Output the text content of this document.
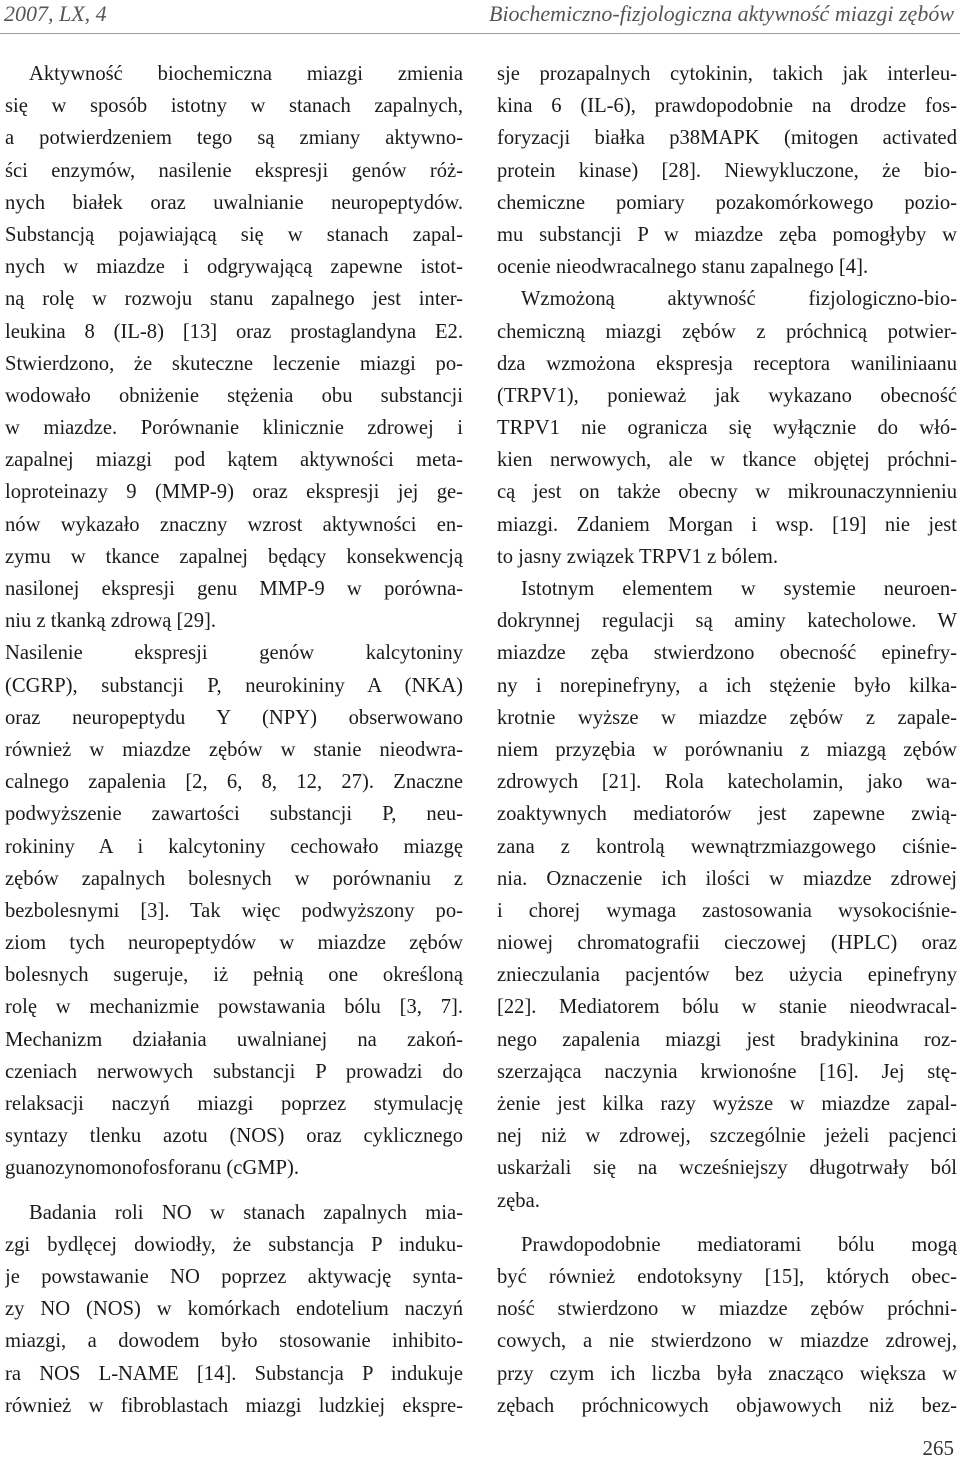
2007, LX, 4	Biochemiczno-fizjologiczna aktywność miazgi zębów
Aktywność biochemiczna miazgi zmienia
się w sposób istotny w stanach zapalnych,
a potwierdzeniem tego są zmiany aktywno-
ści enzymów, nasilenie ekspresji genów róż-
nych białek oraz uwalnianie neuropeptydów.
Substancją pojawiającą się w stanach zapal-
nych w miazdze i odgrywającą zapewne istot-
ną rolę w rozwoju stanu zapalnego jest inter-
leukina 8 (IL-8) [13] oraz prostaglandyna E2.
Stwierdzono, że skuteczne leczenie miazgi po-
wodowało obniżenie stężenia obu substancji
w miazdze. Porównanie klinicznie zdrowej i
zapalnej miazgi pod kątem aktywności meta-
loproteinazy 9 (MMP-9) oraz ekspresji jej ge-
nów wykazało znaczny wzrost aktywności en-
zymu w tkance zapalnej będący konsekwencją
nasilonej ekspresji genu MMP-9 w porówna-
niu z tkanką zdrową [29].
Nasilenie ekspresji genów kalcytoniny
(CGRP), substancji P, neurokininy A (NKA)
oraz neuropeptydu Y (NPY) obserwowano
również w miazdze zębów w stanie nieodwra-
calnego zapalenia [2, 6, 8, 12, 27). Znaczne
podwyższenie zawartości substancji P, neu-
rokininy A i kalcytoniny cechowało miazgę
zębów zapalnych bolesnych w porównaniu z
bezbolesnymi [3]. Tak więc podwyższony po-
ziom tych neuropeptydów w miazdze zębów
bolesnych sugeruje, iż pełnią one określoną
rolę w mechanizmie powstawania bólu [3, 7].
Mechanizm działania uwalnianej na zakoń-
czeniach nerwowych substancji P prowadzi do
relaksacji naczyń miazgi poprzez stymulację
syntazy tlenku azotu (NOS) oraz cyklicznego
guanozynomonofosforanu (cGMP).
Badania roli NO w stanach zapalnych mia-
zgi bydlęcej dowiodły, że substancja P induku-
je powstawanie NO poprzez aktywację synta-
zy NO (NOS) w komórkach endotelium naczyń
miazgi, a dowodem było stosowanie inhibito-
ra NOS L-NAME [14]. Substancja P indukuje
również w fibroblastach miazgi ludzkiej ekspre-
sje prozapalnych cytokinin, takich jak interleu-
kina 6 (IL-6), prawdopodobnie na drodze fos-
foryzacji białka p38MAPK (mitogen activated
protein kinase) [28]. Niewykluczone, że bio-
chemiczne pomiary pozakomórkowego pozio-
mu substancji P w miazdze zęba pomogłyby w
ocenie nieodwracalnego stanu zapalnego [4].
Wzmożoną aktywność fizjologiczno-bio-
chemiczną miazgi zębów z próchnicą potwier-
dza wzmożona ekspresja receptora waniliniaanu
(TRPV1), ponieważ jak wykazano obecność
TRPV1 nie ogranicza się wyłącznie do włó-
kien nerwowych, ale w tkance objętej próchni-
cą jest on także obecny w mikrounaczynnieniu
miazgi. Zdaniem Morgan i wsp. [19] nie jest
to jasny związek TRPV1 z bólem.
Istotnym elementem w systemie neuroen-
dokrynnej regulacji są aminy katecholowe. W
miazdze zęba stwierdzono obecność epinefry-
ny i norepinefryny, a ich stężenie było kilka-
krotnie wyższe w miazdze zębów z zapale-
niem przyzębia w porównaniu z miazgą zębów
zdrowych [21]. Rola katecholamin, jako wa-
zoaktywnych mediatorów jest zapewne zwią-
zana z kontrolą wewnątrzmiazgowego ciśnie-
nia. Oznaczenie ich ilości w miazdze zdrowej
i chorej wymaga zastosowania wysokociśnie-
niowej chromatografii cieczowej (HPLC) oraz
znieczulania pacjentów bez użycia epinefryny
[22]. Mediatorem bólu w stanie nieodwracal-
nego zapalenia miazgi jest bradykinina roz-
szerzająca naczynia krwionośne [16]. Jej stę-
żenie jest kilka razy wyższe w miazdze zapal-
nej niż w zdrowej, szczególnie jeżeli pacjenci
uskarżali się na wcześniejszy długotrwały ból
zęba.
Prawdopodobnie mediatorami bólu mogą
być również endotoksyny [15], których obec-
ność stwierdzono w miazdze zębów próchni-
cowych, a nie stwierdzono w miazdze zdrowej,
przy czym ich liczba była znacząco większa w
zębach próchnicowych objawowych niż bez-
265
